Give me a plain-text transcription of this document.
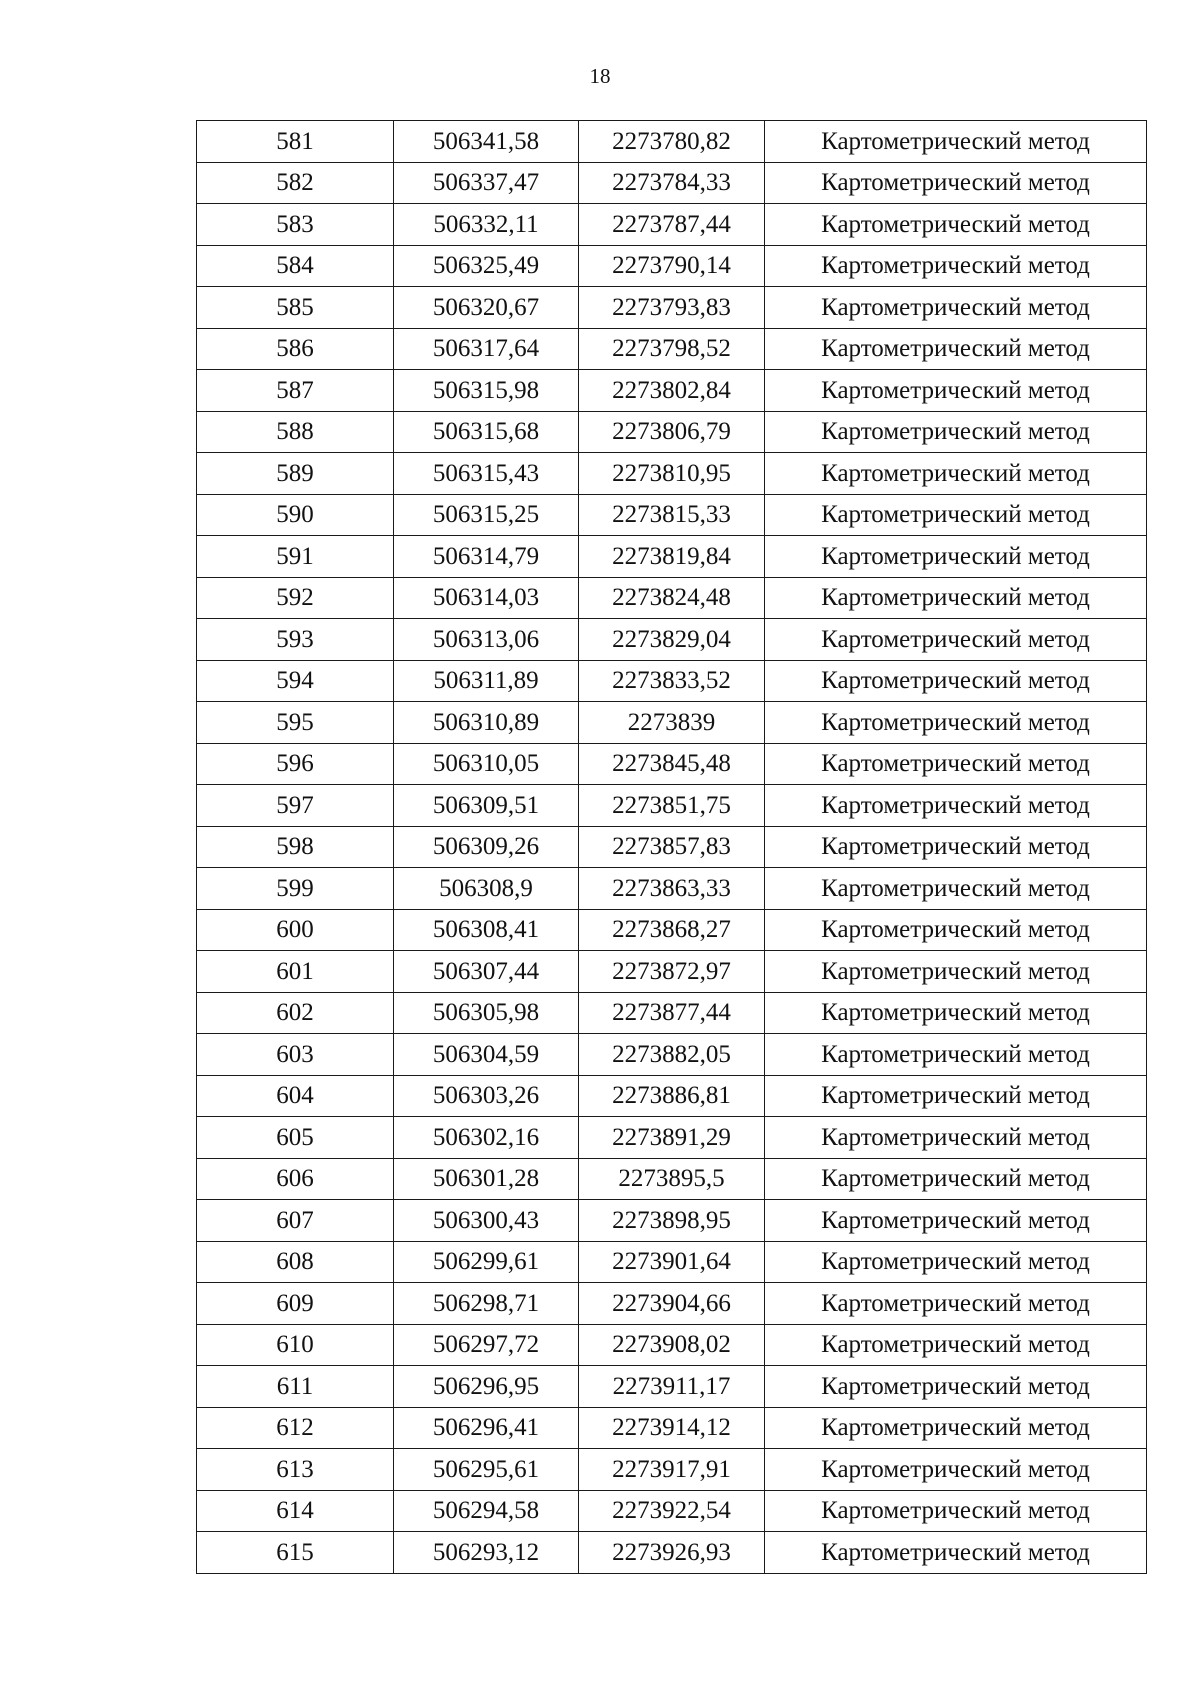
18
581	506341,58	2273780,82	Картометрический метод
582	506337,47	2273784,33	Картометрический метод
583	506332,11	2273787,44	Картометрический метод
584	506325,49	2273790,14	Картометрический метод
585	506320,67	2273793,83	Картометрический метод
586	506317,64	2273798,52	Картометрический метод
587	506315,98	2273802,84	Картометрический метод
588	506315,68	2273806,79	Картометрический метод
589	506315,43	2273810,95	Картометрический метод
590	506315,25	2273815,33	Картометрический метод
591	506314,79	2273819,84	Картометрический метод
592	506314,03	2273824,48	Картометрический метод
593	506313,06	2273829,04	Картометрический метод
594	506311,89	2273833,52	Картометрический метод
595	506310,89	2273839	Картометрический метод
596	506310,05	2273845,48	Картометрический метод
597	506309,51	2273851,75	Картометрический метод
598	506309,26	2273857,83	Картометрический метод
599	506308,9	2273863,33	Картометрический метод
600	506308,41	2273868,27	Картометрический метод
601	506307,44	2273872,97	Картометрический метод
602	506305,98	2273877,44	Картометрический метод
603	506304,59	2273882,05	Картометрический метод
604	506303,26	2273886,81	Картометрический метод
605	506302,16	2273891,29	Картометрический метод
606	506301,28	2273895,5	Картометрический метод
607	506300,43	2273898,95	Картометрический метод
608	506299,61	2273901,64	Картометрический метод
609	506298,71	2273904,66	Картометрический метод
610	506297,72	2273908,02	Картометрический метод
611	506296,95	2273911,17	Картометрический метод
612	506296,41	2273914,12	Картометрический метод
613	506295,61	2273917,91	Картометрический метод
614	506294,58	2273922,54	Картометрический метод
615	506293,12	2273926,93	Картометрический метод
